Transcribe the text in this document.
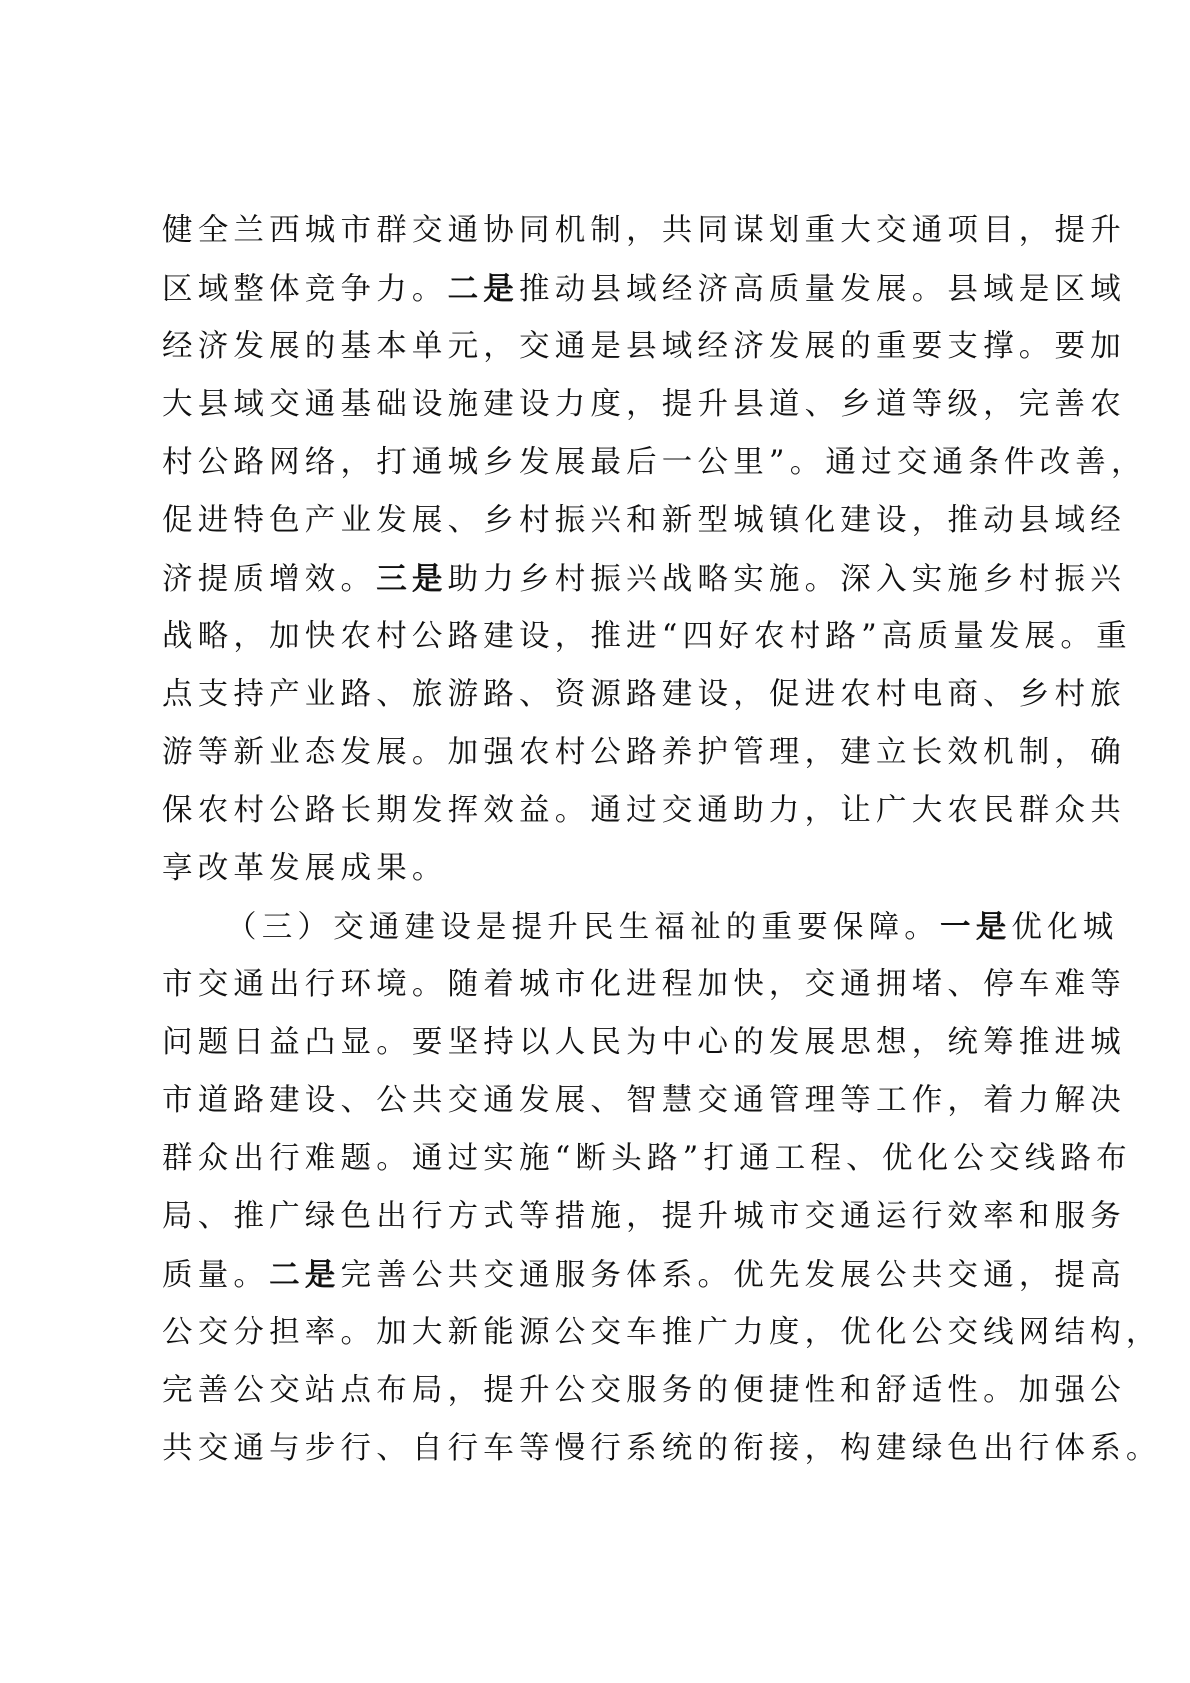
健全兰西城市群交通协同机制，共同谋划重大交通项目，提升
区域整体竞争力。二是推动县域经济高质量发展。县域是区域
经济发展的基本单元，交通是县域经济发展的重要支撑。要加
大县域交通基础设施建设力度，提升县道、乡道等级，完善农
村公路网络，打通城乡发展最后一公里”。通过交通条件改善，
促进特色产业发展、乡村振兴和新型城镇化建设，推动县域经
济提质增效。三是助力乡村振兴战略实施。深入实施乡村振兴
战略，加快农村公路建设，推进“四好农村路”高质量发展。重
点支持产业路、旅游路、资源路建设，促进农村电商、乡村旅
游等新业态发展。加强农村公路养护管理，建立长效机制，确
保农村公路长期发挥效益。通过交通助力，让广大农民群众共
享改革发展成果。
（三）交通建设是提升民生福祉的重要保障。一是优化城
市交通出行环境。随着城市化进程加快，交通拥堵、停车难等
问题日益凸显。要坚持以人民为中心的发展思想，统筹推进城
市道路建设、公共交通发展、智慧交通管理等工作，着力解决
群众出行难题。通过实施“断头路”打通工程、优化公交线路布
局、推广绿色出行方式等措施，提升城市交通运行效率和服务
质量。二是完善公共交通服务体系。优先发展公共交通，提高
公交分担率。加大新能源公交车推广力度，优化公交线网结构，
完善公交站点布局，提升公交服务的便捷性和舒适性。加强公
共交通与步行、自行车等慢行系统的衔接，构建绿色出行体系。
